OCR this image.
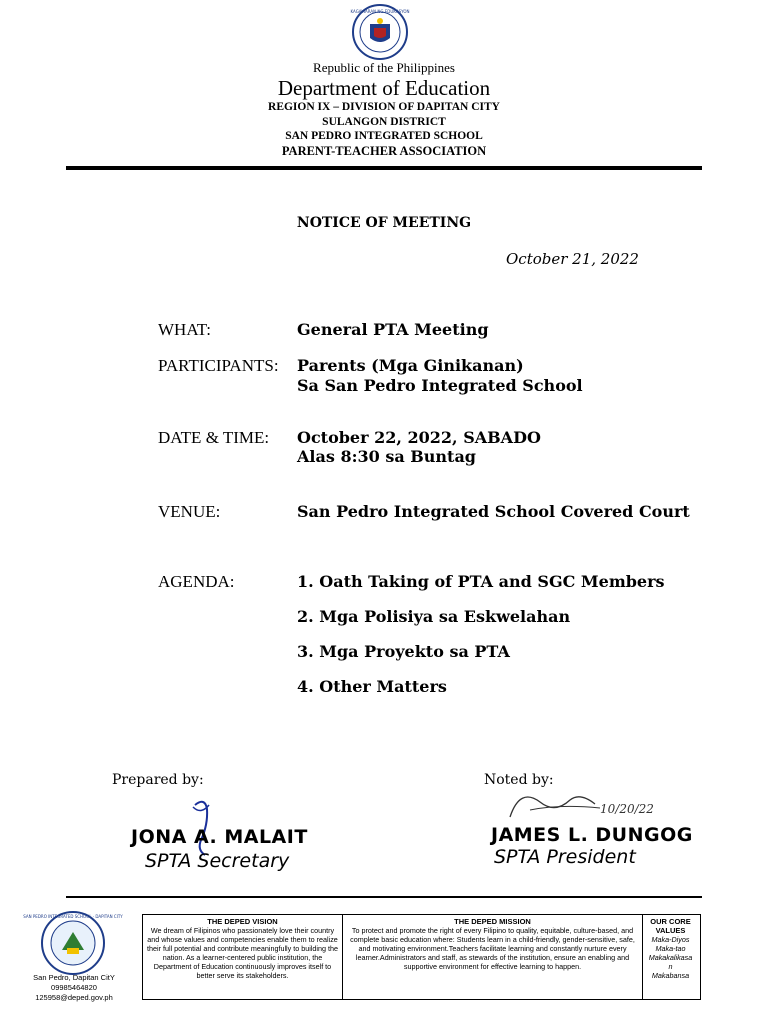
KAGAWARAN NG EDUKASYON
Republic of the Philippines
Department of Education
REGION IX – DIVISION OF DAPITAN CITY
SULANGON DISTRICT
SAN PEDRO INTEGRATED SCHOOL
PARENT-TEACHER ASSOCIATION
NOTICE OF MEETING
October 21, 2022
WHAT:	General PTA Meeting
PARTICIPANTS: Parents (Mga Ginikanan)
Sa San Pedro Integrated School
DATE & TIME: October 22, 2022, SABADO
Alas 8:30 sa Buntag
VENUE:	San Pedro Integrated School Covered Court
AGENDA:	1. Oath Taking of PTA and SGC Members
2. Mga Polisiya sa Eskwelahan
3. Mga Proyekto sa PTA
4. Other Matters
Prepared by:
JONA A. MALAIT
SPTA Secretary
Noted by:
10/20/22
JAMES L. DUNGOG
SPTA President
SAN PEDRO INTEGRATED SCHOOL · DAPITAN CITY
San Pedro, Dapitan CitY
09985464820
125958@deped.gov.ph
THE DEPED VISION
We dream of Filipinos who passionately love their country and whose values and competencies enable them to realize their full potential and contribute meaningfully to building the nation. As a learner-centered public institution, the Department of Education continuously improves itself to better serve its stakeholders.
THE DEPED MISSION
To protect and promote the right of every Filipino to quality, equitable, culture-based, and complete basic education where: Students learn in a child-friendly, gender-sensitive, safe, and motivating environment.Teachers facilitate learning and constantly nurture every learner.Administrators and staff, as stewards of the institution, ensure an enabling and supportive environment for effective learning to happen.
OUR CORE VALUES
Maka-Diyos
Maka-tao
Makakalikasa n
Makabansa
